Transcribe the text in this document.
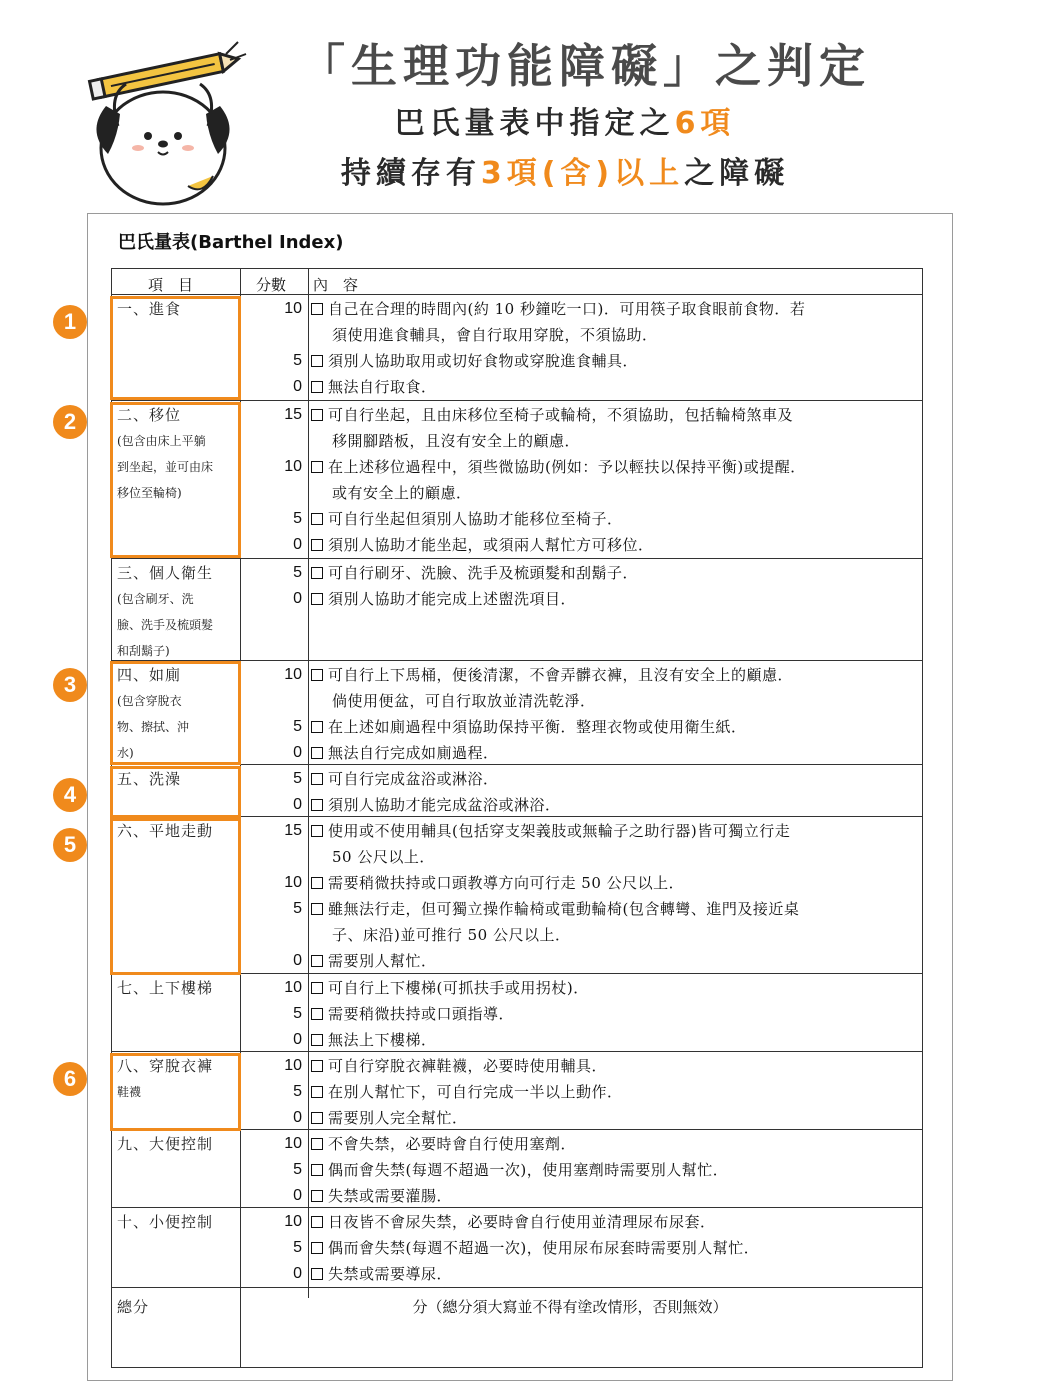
「生理功能障礙」之判定
巴氏量表中指定之6項
持續存有3項(含)以上之障礙
巴氏量表(Barthel Index)
項　目	分數 內　容
一、進食	10 自己在合理的時間內(約 10 秒鐘吃一口)．可用筷子取食眼前食物．若
須使用進食輔具，會自行取用穿脫，不須協助．
5 須別人協助取用或切好食物或穿脫進食輔具．
0 無法自行取食．
二、移位
(包含由床上平躺
到坐起，並可由床
移位至輪椅)
15 可自行坐起，且由床移位至椅子或輪椅，不須協助，包括輪椅煞車及
移開腳踏板，且沒有安全上的顧慮．
10 在上述移位過程中，須些微協助(例如：予以輕扶以保持平衡)或提醒．
或有安全上的顧慮．
5 可自行坐起但須別人協助才能移位至椅子．
0 須別人協助才能坐起，或須兩人幫忙方可移位．
三、個人衛生
(包含刷牙、洗
臉、洗手及梳頭髮
和刮鬍子)
5 可自行刷牙、洗臉、洗手及梳頭髮和刮鬍子．
0 須別人協助才能完成上述盥洗項目．
四、如廁
(包含穿脫衣
物、擦拭、沖
水)
10 可自行上下馬桶，便後清潔，不會弄髒衣褲，且沒有安全上的顧慮．
倘使用便盆，可自行取放並清洗乾淨．
5 在上述如廁過程中須協助保持平衡．整理衣物或使用衛生紙．
0 無法自行完成如廁過程．
五、洗澡	5 可自行完成盆浴或淋浴．
0 須別人協助才能完成盆浴或淋浴．
六、平地走動	15 使用或不使用輔具(包括穿支架義肢或無輪子之助行器)皆可獨立行走
50 公尺以上．
10 需要稍微扶持或口頭教導方向可行走 50 公尺以上．
5 雖無法行走，但可獨立操作輪椅或電動輪椅(包含轉彎、進門及接近桌
子、床沿)並可推行 50 公尺以上．
0 需要別人幫忙．
七、上下樓梯	10 可自行上下樓梯(可抓扶手或用拐杖)．
5 需要稍微扶持或口頭指導．
0 無法上下樓梯．
八、穿脫衣褲
鞋襪
10 可自行穿脫衣褲鞋襪，必要時使用輔具．
5 在別人幫忙下，可自行完成一半以上動作．
0 需要別人完全幫忙．
九、大便控制	10 不會失禁，必要時會自行使用塞劑．
5 偶而會失禁(每週不超過一次)，使用塞劑時需要別人幫忙．
0 失禁或需要灌腸．
十、小便控制	10 日夜皆不會尿失禁，必要時會自行使用並清理尿布尿套．
5 偶而會失禁(每週不超過一次)，使用尿布尿套時需要別人幫忙．
0 失禁或需要導尿．
總分	分（總分須大寫並不得有塗改情形，否則無效）
1
2
3
4
5
6
